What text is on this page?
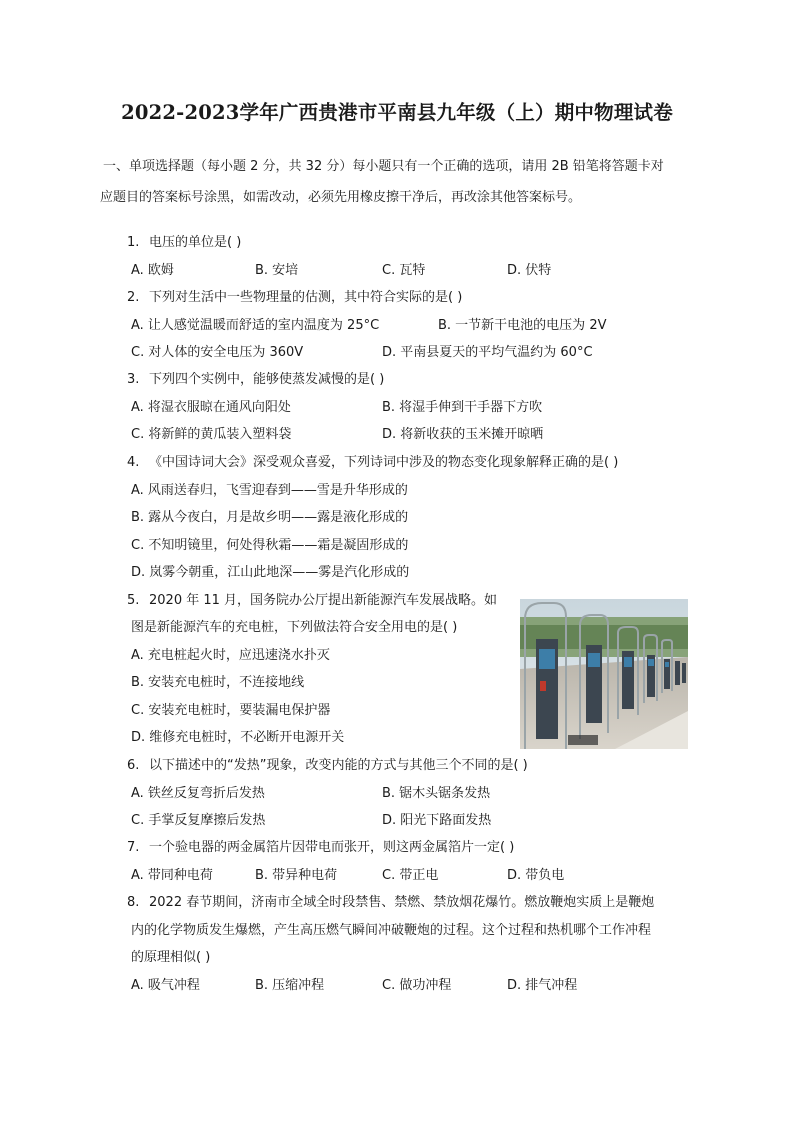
2022-2023学年广西贵港市平南县九年级（上）期中物理试卷
一、单项选择题（每小题 2 分，共 32 分）每小题只有一个正确的选项，请用 2B 铅笔将答题卡对
应题目的答案标号涂黑，如需改动，必须先用橡皮擦干净后，再改涂其他答案标号。
1. 电压的单位是( )
A. 欧姆	B. 安培	C. 瓦特	D. 伏特
2. 下列对生活中一些物理量的估测，其中符合实际的是( )
A. 让人感觉温暖而舒适的室内温度为 25°C	B. 一节新干电池的电压为 2V
C. 对人体的安全电压为 360V	D. 平南县夏天的平均气温约为 60°C
3. 下列四个实例中，能够使蒸发减慢的是( )
A. 将湿衣服晾在通风向阳处	B. 将湿手伸到干手器下方吹
C. 将新鲜的黄瓜装入塑料袋	D. 将新收获的玉米摊开晾晒
4. 《中国诗词大会》深受观众喜爱，下列诗词中涉及的物态变化现象解释正确的是( )
A. 风雨送春归，飞雪迎春到——雪是升华形成的
B. 露从今夜白，月是故乡明——露是液化形成的
C. 不知明镜里，何处得秋霜——霜是凝固形成的
D. 岚雾今朝重，江山此地深——雾是汽化形成的
5. 2020 年 11 月，国务院办公厅提出新能源汽车发展战略。如
图是新能源汽车的充电桩，下列做法符合安全用电的是( )
A. 充电桩起火时，应迅速浇水扑灭
B. 安装充电桩时，不连接地线
C. 安装充电桩时，要装漏电保护器
D. 维修充电桩时，不必断开电源开关
6. 以下描述中的“发热”现象，改变内能的方式与其他三个不同的是( )
A. 铁丝反复弯折后发热	B. 锯木头锯条发热
C. 手掌反复摩擦后发热	D. 阳光下路面发热
7. 一个验电器的两金属箔片因带电而张开，则这两金属箔片一定( )
A. 带同种电荷	B. 带异种电荷	C. 带正电	D. 带负电
8. 2022 春节期间，济南市全域全时段禁售、禁燃、禁放烟花爆竹。燃放鞭炮实质上是鞭炮
内的化学物质发生爆燃，产生高压燃气瞬间冲破鞭炮的过程。这个过程和热机哪个工作冲程
的原理相似( )
A. 吸气冲程	B. 压缩冲程	C. 做功冲程	D. 排气冲程
